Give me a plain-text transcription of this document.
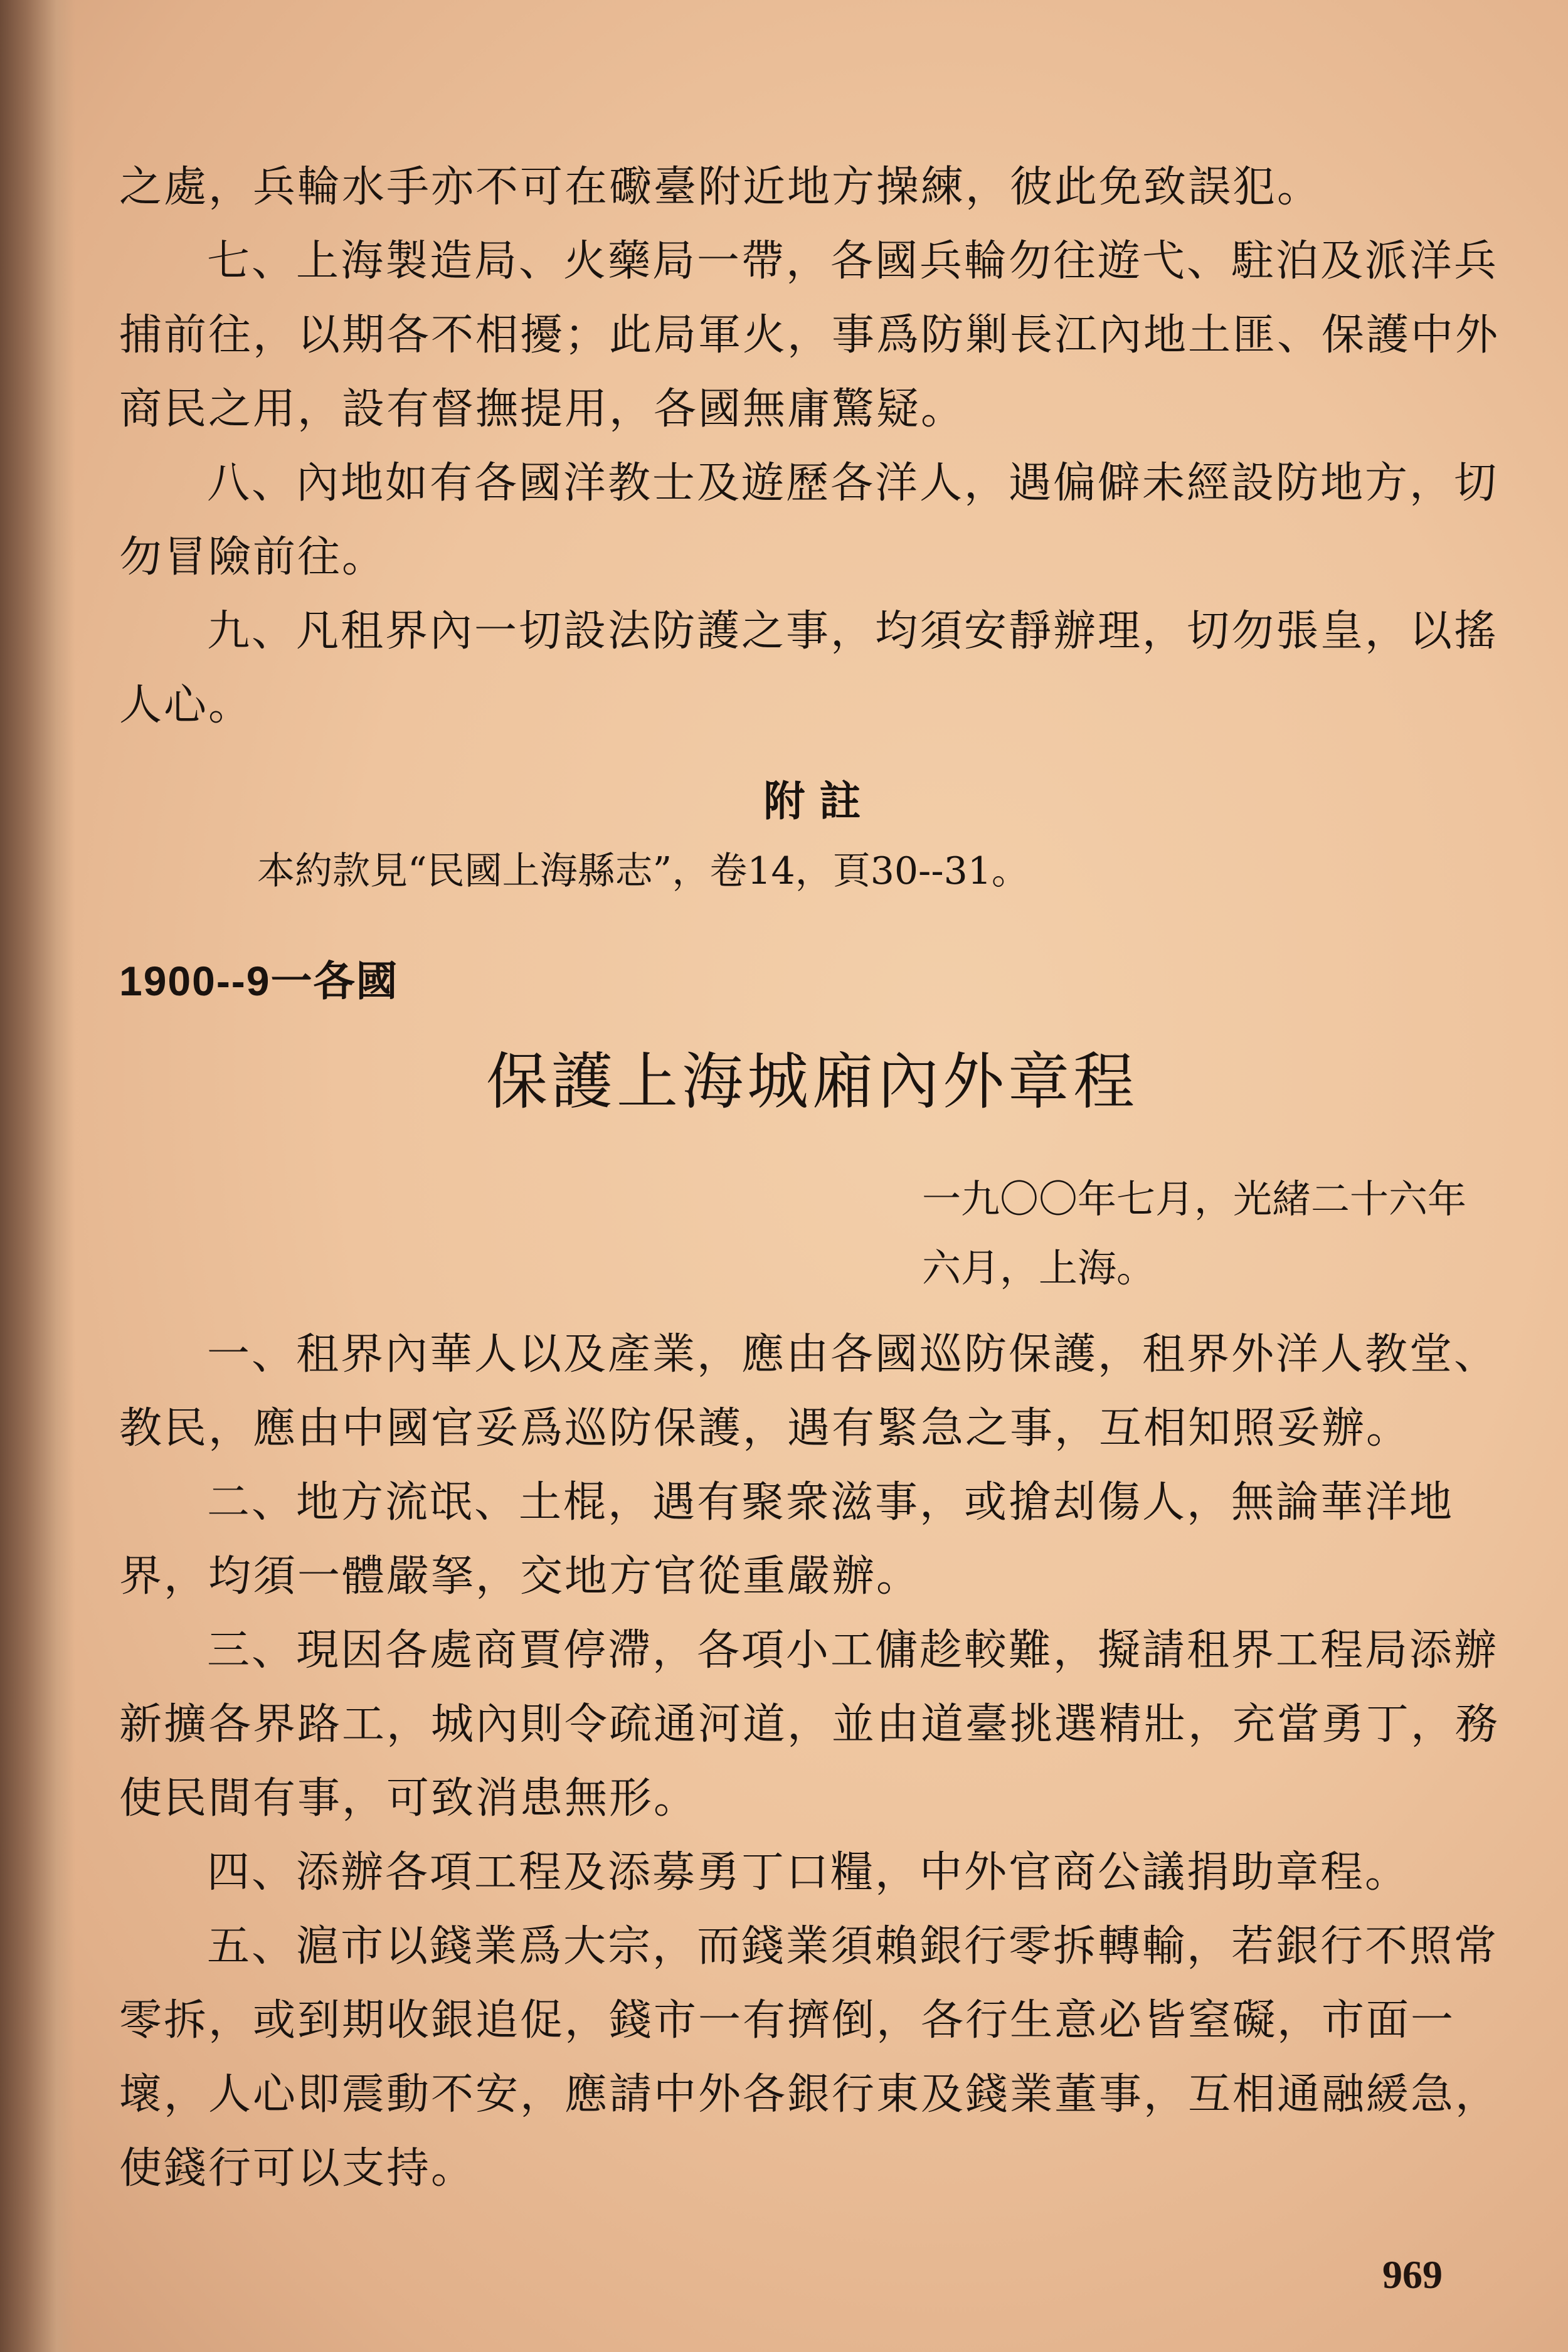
之處，兵輪水手亦不可在礮臺附近地方操練，彼此免致誤犯。

七、上海製造局、火藥局一帶，各國兵輪勿往遊弋、駐泊及派洋兵捕前往，以期各不相擾；此局軍火，事爲防剿長江內地土匪、保護中外商民之用，設有督撫提用，各國無庸驚疑。

八、內地如有各國洋教士及遊歷各洋人，遇偏僻未經設防地方，切勿冒險前往。

九、凡租界內一切設法防護之事，均須安靜辦理，切勿張皇，以搖人心。

附 註
本約款見“民國上海縣志”，卷14，頁30--31。
1900--9一各國
保護上海城廂內外章程
一九〇〇年七月，光緒二十六年
六月，上海。

一、租界內華人以及產業，應由各國巡防保護，租界外洋人教堂、教民，應由中國官妥爲巡防保護，遇有緊急之事，互相知照妥辦。

二、地方流氓、土棍，遇有聚衆滋事，或搶刦傷人，無論華洋地界，均須一體嚴拏，交地方官從重嚴辦。

三、現因各處商賈停滯，各項小工傭趁較難，擬請租界工程局添辦新擴各界路工，城內則令疏通河道，並由道臺挑選精壯，充當勇丁，務使民間有事，可致消患無形。

四、添辦各項工程及添募勇丁口糧，中外官商公議捐助章程。

五、滬市以錢業爲大宗，而錢業須賴銀行零拆轉輸，若銀行不照常零拆，或到期收銀追促，錢市一有擠倒，各行生意必皆窒礙，市面一壞，人心即震動不安，應請中外各銀行東及錢業董事，互相通融緩急，使錢行可以支持。

969
